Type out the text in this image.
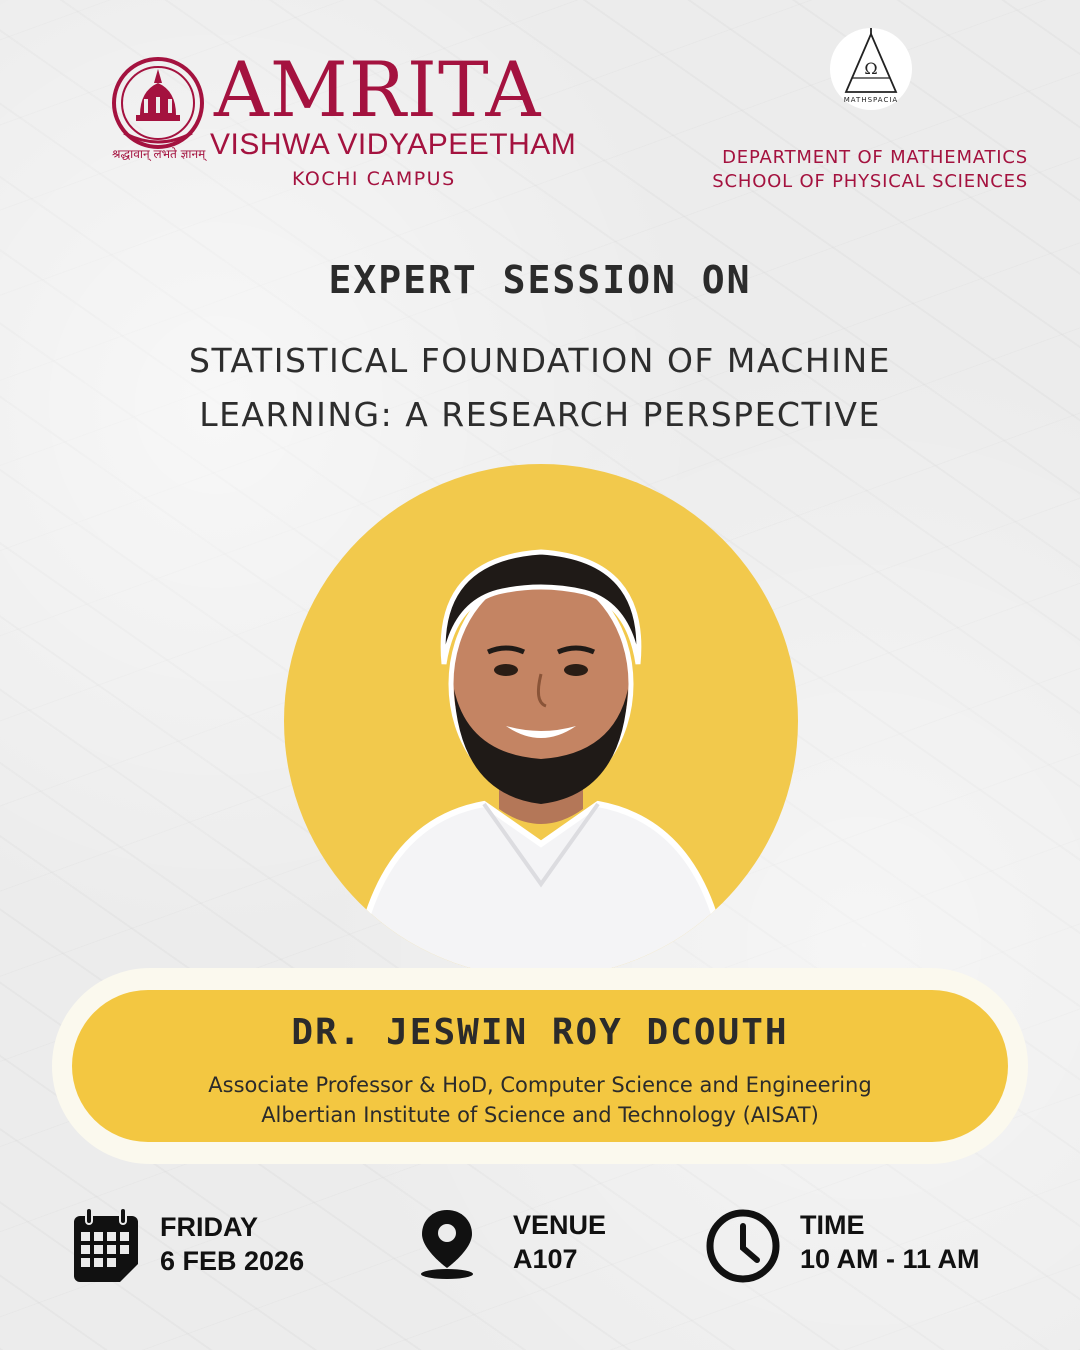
AMRITA
VISHWA VIDYAPEETHAM
श्रद्धावान् लभते ज्ञानम्
KOCHI CAMPUS
Ω
MATHSPACIA
DEPARTMENT OF MATHEMATICS
SCHOOL OF PHYSICAL SCIENCES
EXPERT SESSION ON
STATISTICAL FOUNDATION OF MACHINE
LEARNING: A RESEARCH PERSPECTIVE
DR. JESWIN ROY DCOUTH
Associate Professor & HoD, Computer Science and Engineering
Albertian Institute of Science and Technology (AISAT)
FRIDAY
6 FEB 2026
VENUE
A107
TIME
10 AM - 11 AM
